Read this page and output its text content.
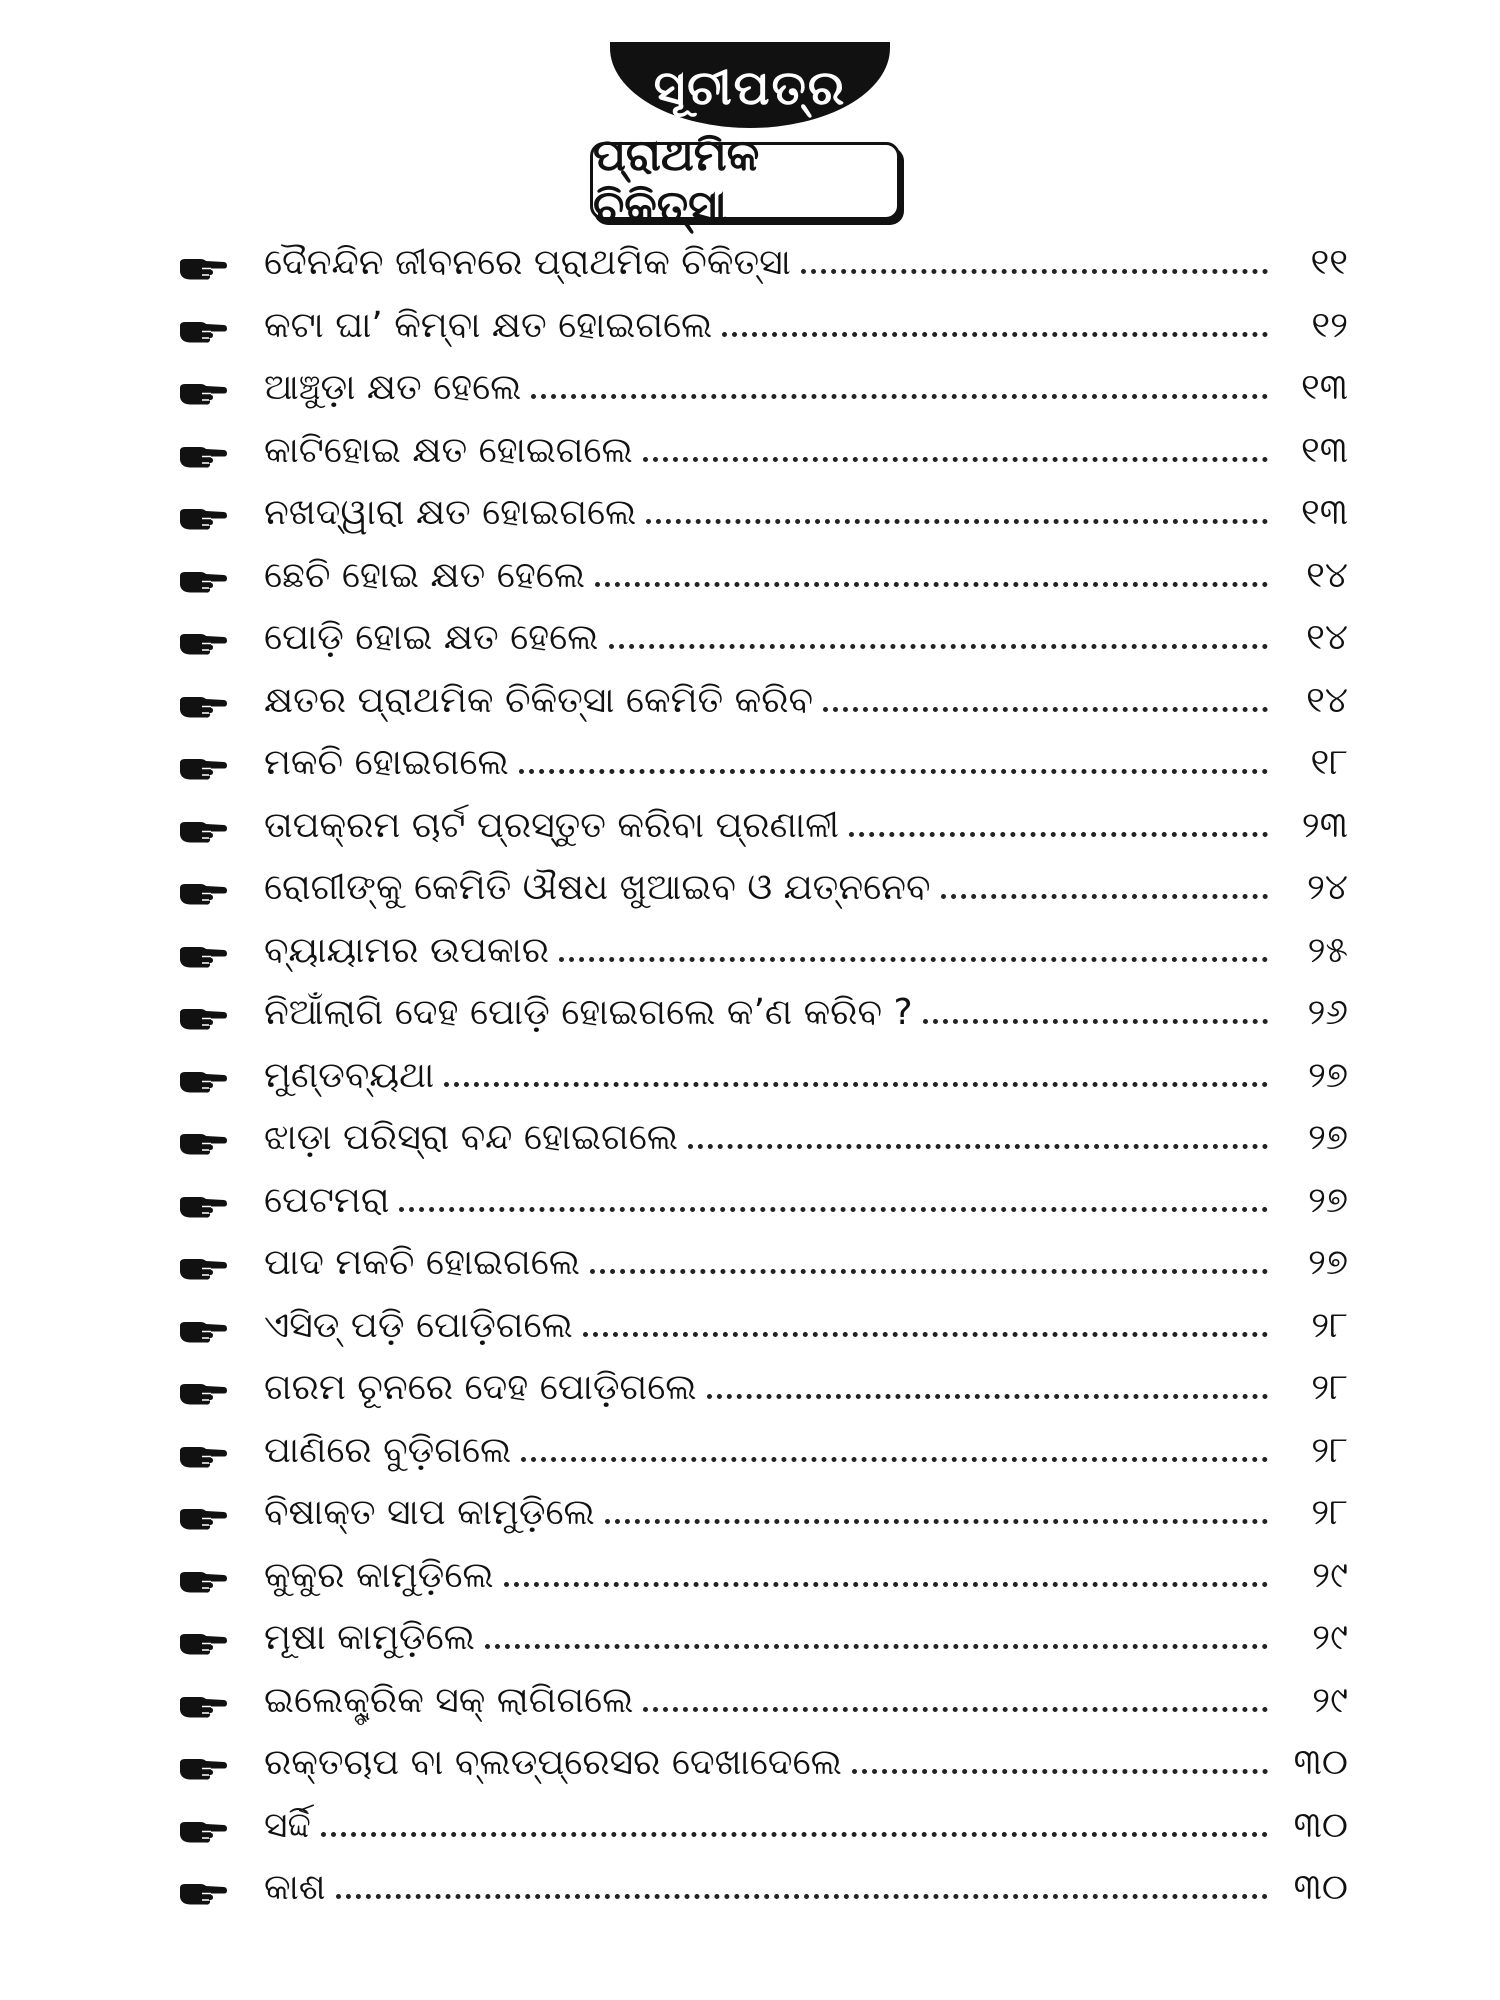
ସୂଚୀପତ୍ର
ପ୍ରାଥମିକ ଚିକିତ୍ସା
ଦୈନନ୍ଦିନ ଜୀବନରେ ପ୍ରାଥମିକ ଚିକିତ୍ସା	୧୧
କଟା ଘା’ କିମ୍ବା କ୍ଷତ ହୋଇଗଲେ	୧୨
ଆଞ୍ଚୁଡ଼ା କ୍ଷତ ହେଲେ	୧୩
କାଟିହୋଇ କ୍ଷତ ହୋଇଗଲେ	୧୩
ନଖଦ୍ୱାରା କ୍ଷତ ହୋଇଗଲେ	୧୩
ଛେଚି ହୋଇ କ୍ଷତ ହେଲେ	୧୪
ପୋଡ଼ି ହୋଇ କ୍ଷତ ହେଲେ	୧୪
କ୍ଷତର ପ୍ରାଥମିକ ଚିକିତ୍ସା କେମିତି କରିବ	୧୪
ମକଚି ହୋଇଗଲେ	୧୮
ତାପକ୍ରମ ଚାର୍ଟ ପ୍ରସ୍ତୁତ କରିବା ପ୍ରଣାଳୀ	୨୩
ରୋଗୀଙ୍କୁ କେମିତି ଔଷଧ ଖୁଆଇବ ଓ ଯତ୍ନନେବ	୨୪
ବ୍ୟାୟାମର ଉପକାର	୨୫
ନିଆଁଲାଗି ଦେହ ପୋଡ଼ି ହୋଇଗଲେ କ’ଣ କରିବ ?	୨୬
ମୁଣ୍ଡବ୍ୟଥା	୨୭
ଝାଡ଼ା ପରିସ୍ରା ବନ୍ଦ ହୋଇଗଲେ	୨୭
ପେଟମରା	୨୭
ପାଦ ମକଚି ହୋଇଗଲେ	୨୭
ଏସିଡ୍ ପଡ଼ି ପୋଡ଼ିଗଲେ	୨୮
ଗରମ ଚୂନରେ ଦେହ ପୋଡ଼ିଗଲେ	୨୮
ପାଣିରେ ବୁଡ଼ିଗଲେ	୨୮
ବିଷାକ୍ତ ସାପ କାମୁଡ଼ିଲେ	୨୮
କୁକୁର କାମୁଡ଼ିଲେ	୨୯
ମୂଷା କାମୁଡ଼ିଲେ	୨୯
ଇଲେକ୍ଟ୍ରିକ ସକ୍ ଲାଗିଗଲେ	୨୯
ରକ୍ତଚାପ ବା ବ୍ଲଡ୍‌ପ୍ରେସର ଦେଖାଦେଲେ	୩୦
ସର୍ଦ୍ଦି	୩୦
କାଶ	୩୦
